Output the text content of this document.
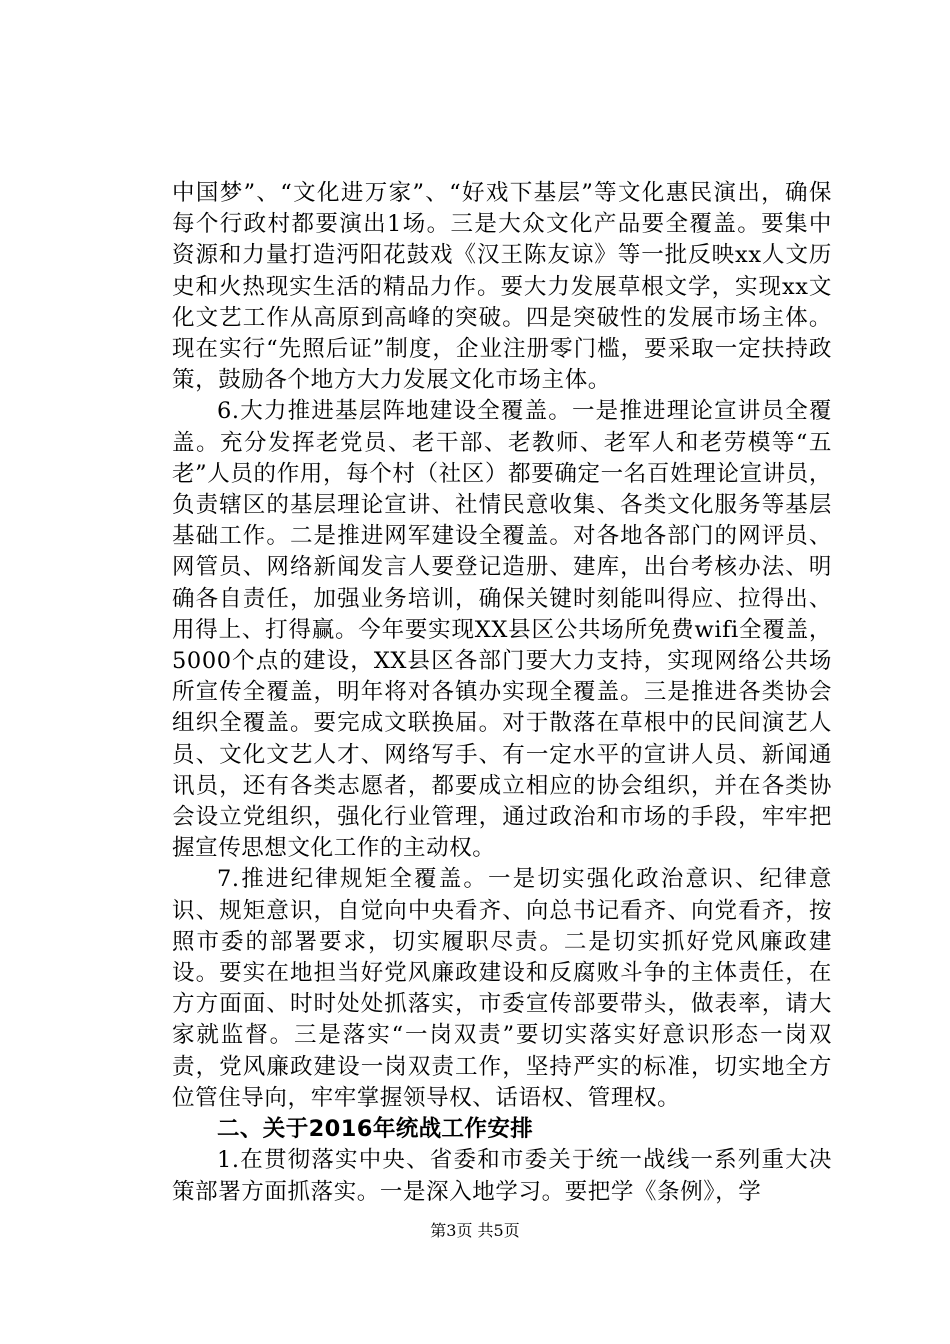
中国梦”、“文化进万家”、“好戏下基层”等文化惠民演出，确保每个行政村都要演出1场。三是大众文化产品要全覆盖。要集中资源和力量打造沔阳花鼓戏《汉王陈友谅》等一批反映xx人文历史和火热现实生活的精品力作。要大力发展草根文学，实现xx文化文艺工作从高原到高峰的突破。四是突破性的发展市场主体。现在实行“先照后证”制度，企业注册零门槛，要采取一定扶持政策，鼓励各个地方大力发展文化市场主体。

6.大力推进基层阵地建设全覆盖。一是推进理论宣讲员全覆盖。充分发挥老党员、老干部、老教师、老军人和老劳模等“五老”人员的作用，每个村（社区）都要确定一名百姓理论宣讲员，负责辖区的基层理论宣讲、社情民意收集、各类文化服务等基层基础工作。二是推进网军建设全覆盖。对各地各部门的网评员、网管员、网络新闻发言人要登记造册、建库，出台考核办法、明确各自责任，加强业务培训，确保关键时刻能叫得应、拉得出、用得上、打得赢。今年要实现XX县区公共场所免费wifi全覆盖，5000个点的建设，XX县区各部门要大力支持，实现网络公共场所宣传全覆盖，明年将对各镇办实现全覆盖。三是推进各类协会组织全覆盖。要完成文联换届。对于散落在草根中的民间演艺人员、文化文艺人才、网络写手、有一定水平的宣讲人员、新闻通讯员，还有各类志愿者，都要成立相应的协会组织，并在各类协会设立党组织，强化行业管理，通过政治和市场的手段，牢牢把握宣传思想文化工作的主动权。

7.推进纪律规矩全覆盖。一是切实强化政治意识、纪律意识、规矩意识，自觉向中央看齐、向总书记看齐、向党看齐，按照市委的部署要求，切实履职尽责。二是切实抓好党风廉政建设。要实在地担当好党风廉政建设和反腐败斗争的主体责任，在方方面面、时时处处抓落实，市委宣传部要带头，做表率，请大家就监督。三是落实“一岗双责”要切实落实好意识形态一岗双责，党风廉政建设一岗双责工作，坚持严实的标准，切实地全方位管住导向，牢牢掌握领导权、话语权、管理权。

二、关于2016年统战工作安排

1.在贯彻落实中央、省委和市委关于统一战线一系列重大决策部署方面抓落实。一是深入地学习。要把学《条例》，学

第3页 共5页
